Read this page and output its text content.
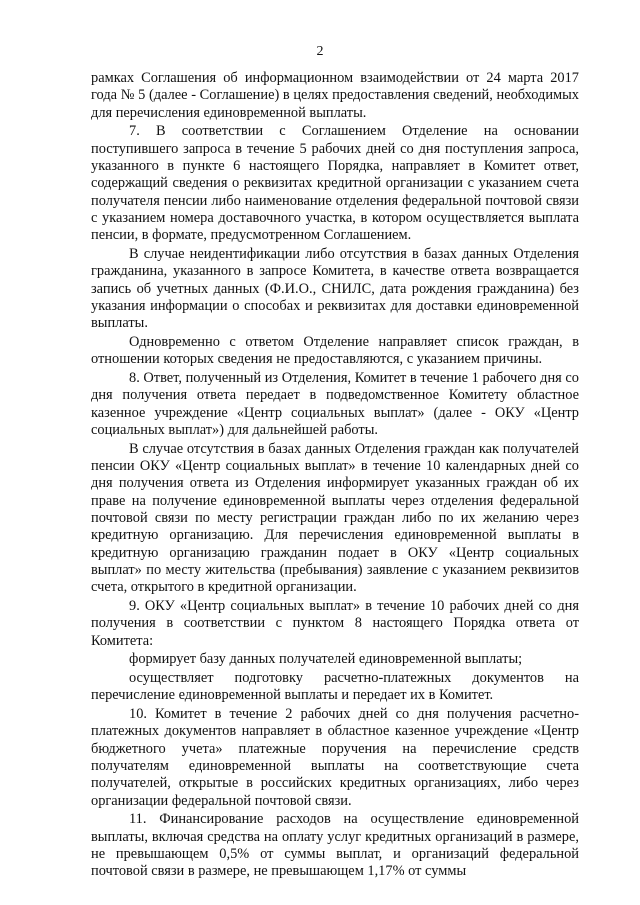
2

рамках Соглашения об информационном взаимодействии от 24 марта 2017 года № 5 (далее - Соглашение) в целях предоставления сведений, необходимых для перечисления единовременной выплаты.

7. В соответствии с Соглашением Отделение на основании поступившего запроса в течение 5 рабочих дней со дня поступления запроса, указанного в пункте 6 настоящего Порядка, направляет в Комитет ответ, содержащий сведения о реквизитах кредитной организации с указанием счета получателя пенсии либо наименование отделения федеральной почтовой связи с указанием номера доставочного участка, в котором осуществляется выплата пенсии, в формате, предусмотренном Соглашением.

В случае неидентификации либо отсутствия в базах данных Отделения гражданина, указанного в запросе Комитета, в качестве ответа возвращается запись об учетных данных (Ф.И.О., СНИЛС, дата рождения гражданина) без указания информации о способах и реквизитах для доставки единовременной выплаты.

Одновременно с ответом Отделение направляет список граждан, в отношении которых сведения не предоставляются, с указанием причины.

8. Ответ, полученный из Отделения, Комитет в течение 1 рабочего дня со дня получения ответа передает в подведомственное Комитету областное казенное учреждение «Центр социальных выплат» (далее - ОКУ «Центр социальных выплат») для дальнейшей работы.

В случае отсутствия в базах данных Отделения граждан как получателей пенсии ОКУ «Центр социальных выплат» в течение 10 календарных дней со дня получения ответа из Отделения информирует указанных граждан об их праве на получение единовременной выплаты через отделения федеральной почтовой связи по месту регистрации граждан либо по их желанию через кредитную организацию. Для перечисления единовременной выплаты в кредитную организацию гражданин подает в ОКУ «Центр социальных выплат» по месту жительства (пребывания) заявление с указанием реквизитов счета, открытого в кредитной организации.

9. ОКУ «Центр социальных выплат» в течение 10 рабочих дней со дня получения в соответствии с пунктом 8 настоящего Порядка ответа от Комитета:

формирует базу данных получателей единовременной выплаты;

осуществляет подготовку расчетно-платежных документов на перечисление единовременной выплаты и передает их в Комитет.

10. Комитет в течение 2 рабочих дней со дня получения расчетно-платежных документов направляет в областное казенное учреждение «Центр бюджетного учета» платежные поручения на перечисление средств получателям единовременной выплаты на соответствующие счета получателей, открытые в российских кредитных организациях, либо через организации федеральной почтовой связи.

11. Финансирование расходов на осуществление единовременной выплаты, включая средства на оплату услуг кредитных организаций в размере, не превышающем 0,5% от суммы выплат, и организаций федеральной почтовой связи в размере, не превышающем 1,17% от суммы
